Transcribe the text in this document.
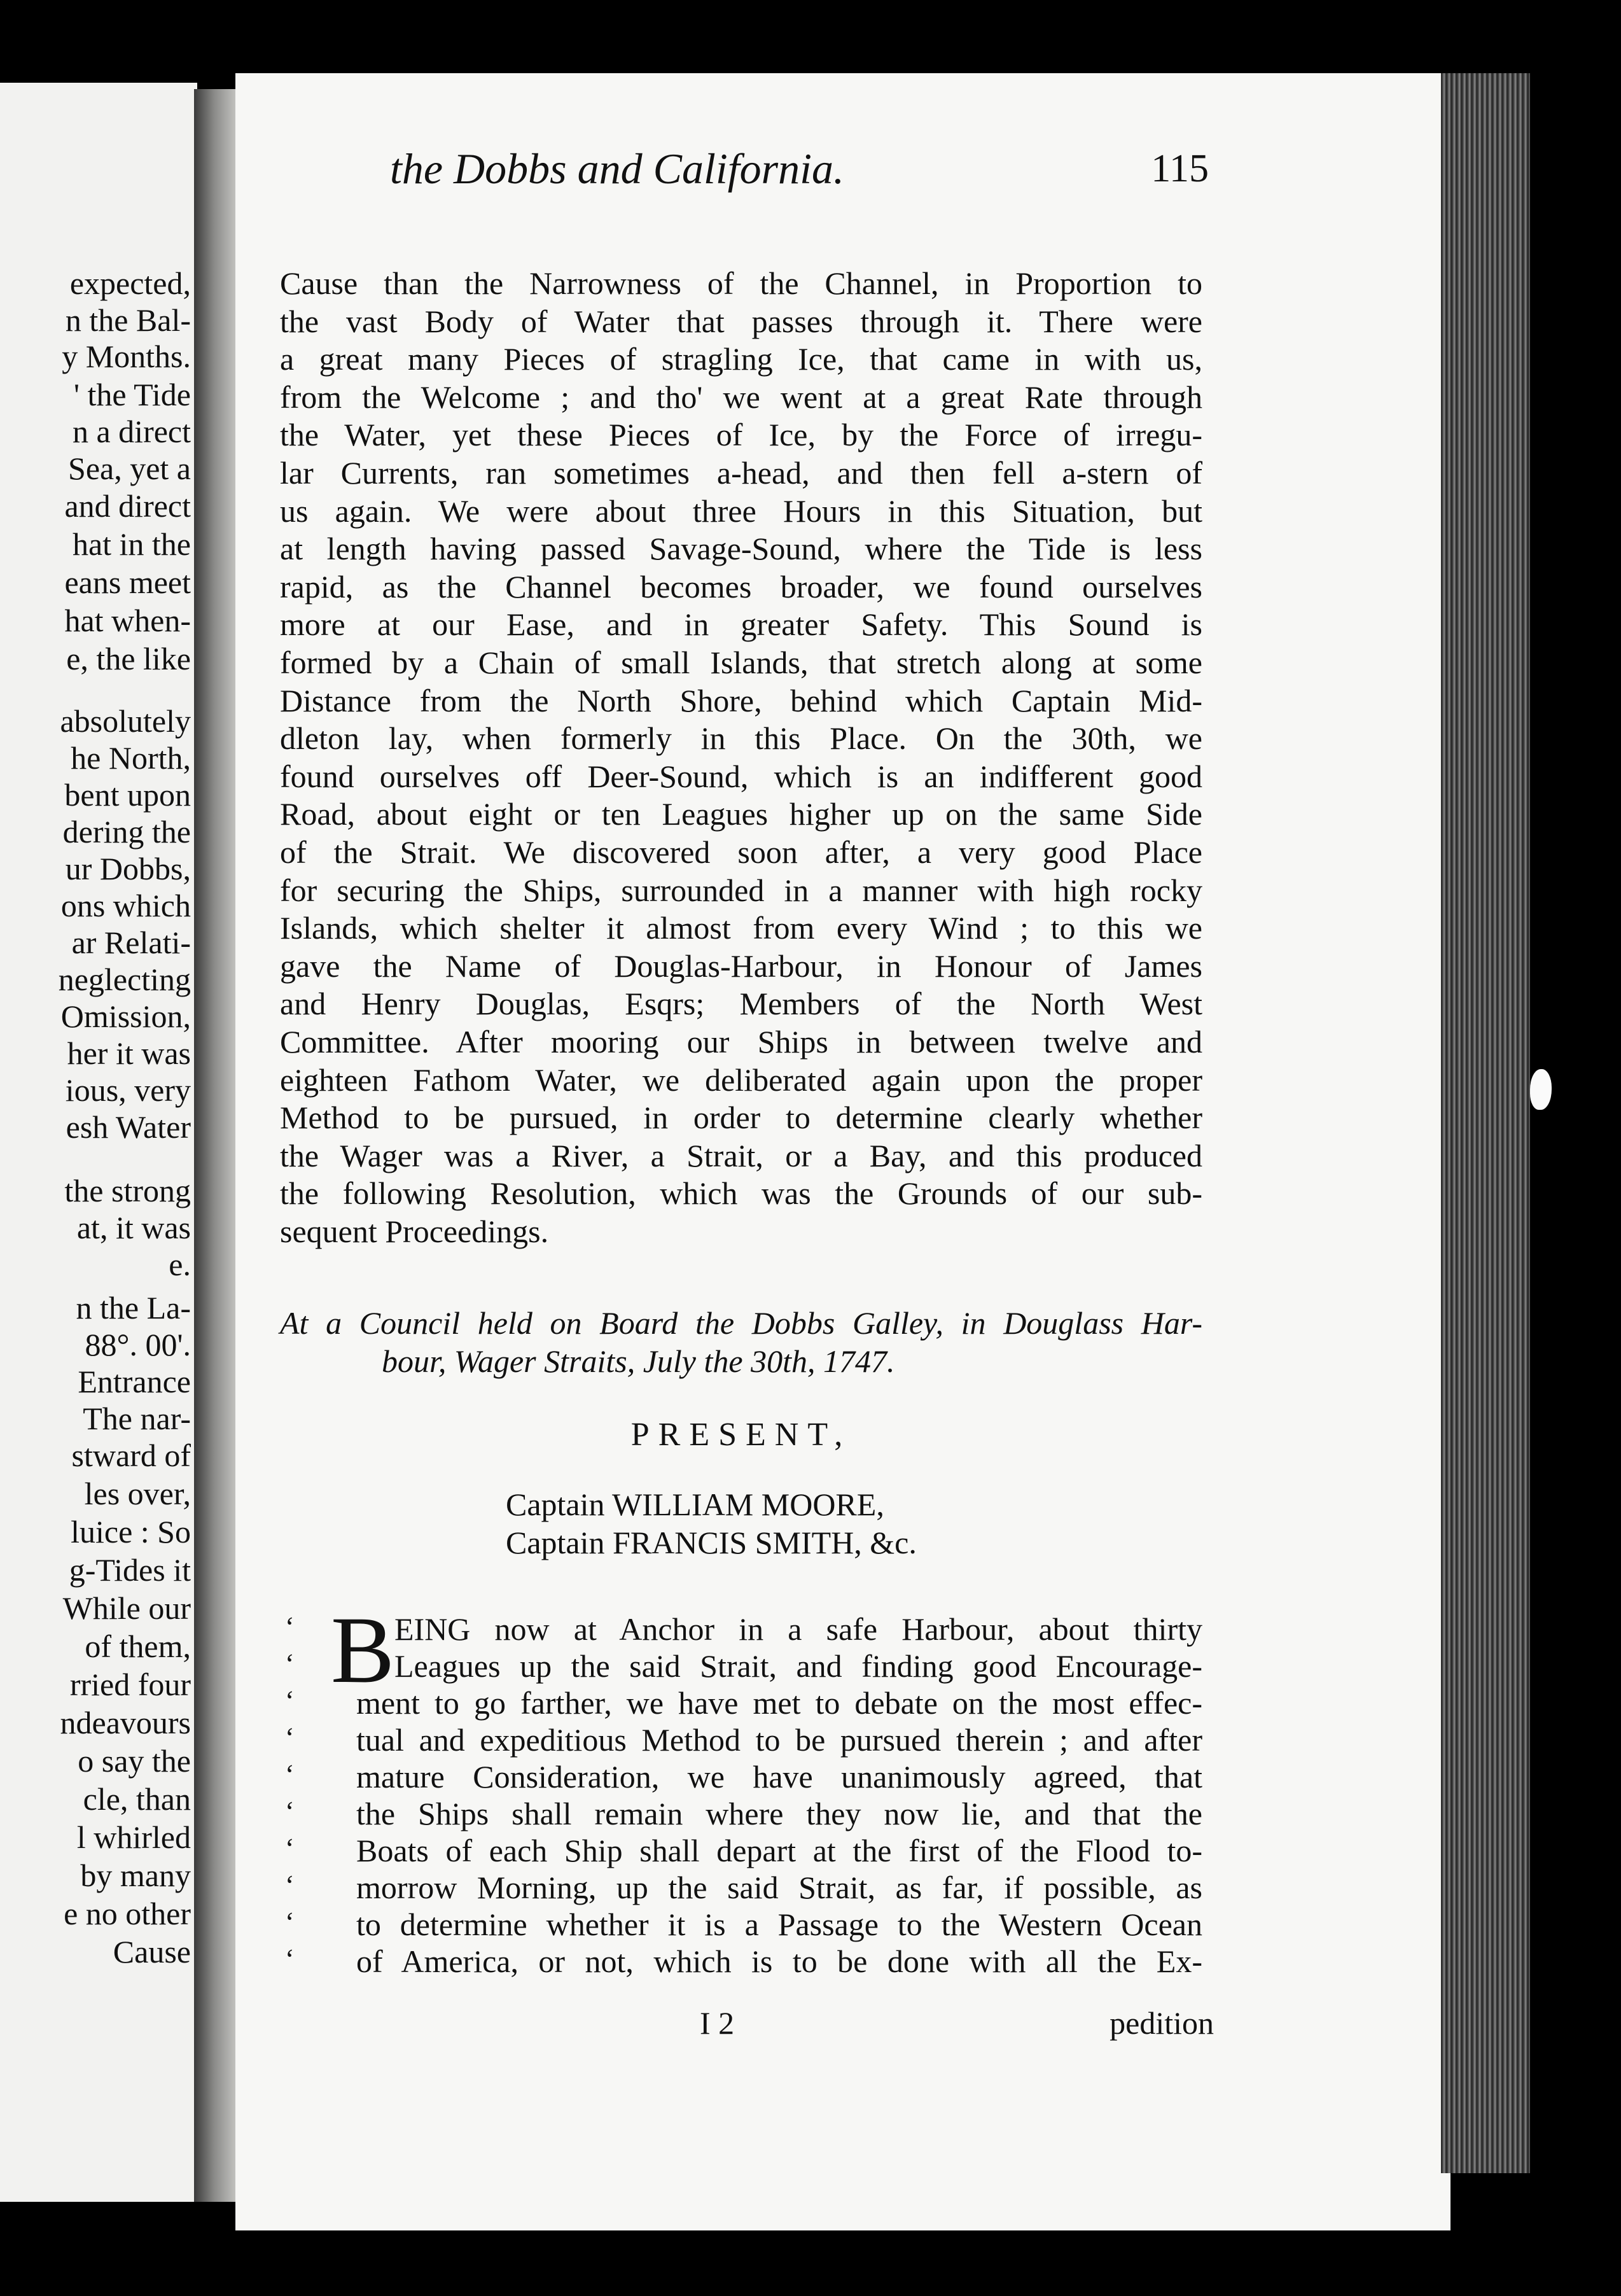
the Dobbs and California.	115
expected,
n the Bal-
y Months.
' the Tide
n a direct
Sea, yet a
and direct
hat in the
eans meet
hat when-
e, the like
absolutely
he North,
bent upon
dering the
ur Dobbs,
ons which
ar Relati-
neglecting
Omission,
her it was
ious, very
esh Water
the strong
at, it was
e.
n the La-
88°. 00'.
Entrance
The nar-
stward of
les over,
luice : So
g-Tides it
While our
of them,
rried four
ndeavours
o say the
cle, than
l whirled
by many
e no other
Cause
Cause than the Narrowness of the Channel, in Proportion to
the vast Body of Water that passes through it. There were
a great many Pieces of stragling Ice, that came in with us,
from the Welcome ; and tho' we went at a great Rate through
the Water, yet these Pieces of Ice, by the Force of irregu-
lar Currents, ran sometimes a-head, and then fell a-stern of
us again. We were about three Hours in this Situation, but
at length having passed Savage-Sound, where the Tide is less
rapid, as the Channel becomes broader, we found ourselves
more at our Ease, and in greater Safety. This Sound is
formed by a Chain of small Islands, that stretch along at some
Distance from the North Shore, behind which Captain Mid-
dleton lay, when formerly in this Place. On the 30th, we
found ourselves off Deer-Sound, which is an indifferent good
Road, about eight or ten Leagues higher up on the same Side
of the Strait. We discovered soon after, a very good Place
for securing the Ships, surrounded in a manner with high rocky
Islands, which shelter it almost from every Wind ; to this we
gave the Name of Douglas-Harbour, in Honour of James
and Henry Douglas, Esqrs; Members of the North West
Committee. After mooring our Ships in between twelve and
eighteen Fathom Water, we deliberated again upon the proper
Method to be pursued, in order to determine clearly whether
the Wager was a River, a Strait, or a Bay, and this produced
the following Resolution, which was the Grounds of our sub-
sequent Proceedings.
At a Council held on Board the Dobbs Galley, in Douglass Har-
bour, Wager Straits, July the 30th, 1747.
PRESENT,
Captain WILLIAM MOORE,
Captain FRANCIS SMITH, &c.
B
‘	EING now at Anchor in a safe Harbour, about thirty
‘	Leagues up the said Strait, and finding good Encourage-
‘ ment to go farther, we have met to debate on the most effec-
‘ tual and expeditious Method to be pursued therein ; and after
‘ mature Consideration, we have unanimously agreed, that
‘ the Ships shall remain where they now lie, and that the
‘ Boats of each Ship shall depart at the first of the Flood to-
‘ morrow Morning, up the said Strait, as far, if possible, as
‘ to determine whether it is a Passage to the Western Ocean
‘ of America, or not, which is to be done with all the Ex-
I 2	pedition
